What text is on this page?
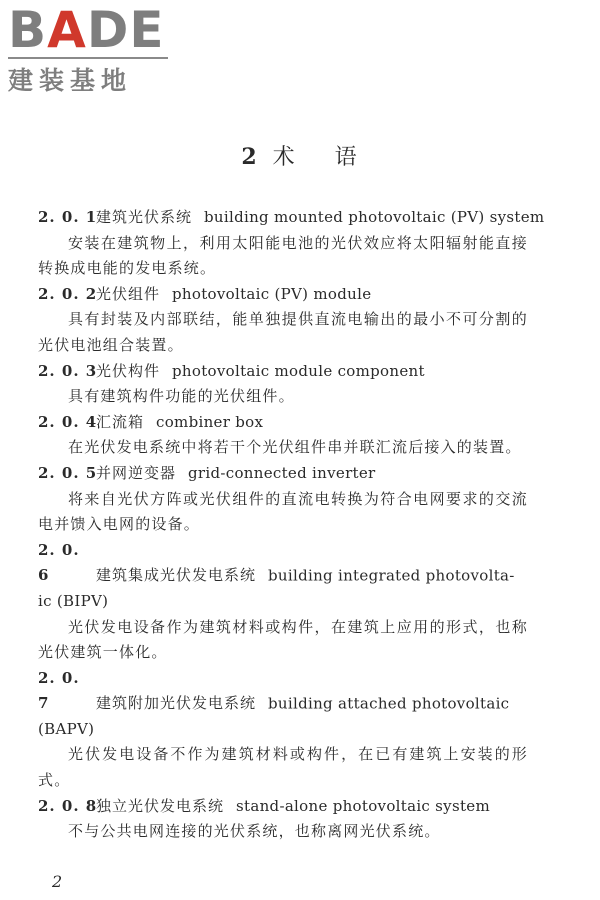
BADE
建装基地
2 术 语
2. 0. 1建筑光伏系统 building mounted photovoltaic (PV) system
安装在建筑物上，利用太阳能电池的光伏效应将太阳辐射能直接转换成电能的发电系统。
2. 0. 2光伏组件 photovoltaic (PV) module
具有封装及内部联结，能单独提供直流电输出的最小不可分割的光伏电池组合装置。
2. 0. 3光伏构件 photovoltaic module component
具有建筑构件功能的光伏组件。
2. 0. 4汇流箱 combiner box
在光伏发电系统中将若干个光伏组件串并联汇流后接入的装置。
2. 0. 5并网逆变器 grid-connected inverter
将来自光伏方阵或光伏组件的直流电转换为符合电网要求的交流电并馈入电网的设备。
2. 0. 6	建筑集成光伏发电系统 building integrated photovolta- ic (BIPV)
光伏发电设备作为建筑材料或构件，在建筑上应用的形式，也称光伏建筑一体化。
2. 0. 7	建筑附加光伏发电系统 building attached photovoltaic (BAPV)
光伏发电设备不作为建筑材料或构件，在已有建筑上安装的形式。
2. 0. 8独立光伏发电系统 stand-alone photovoltaic system
不与公共电网连接的光伏系统，也称离网光伏系统。
2
